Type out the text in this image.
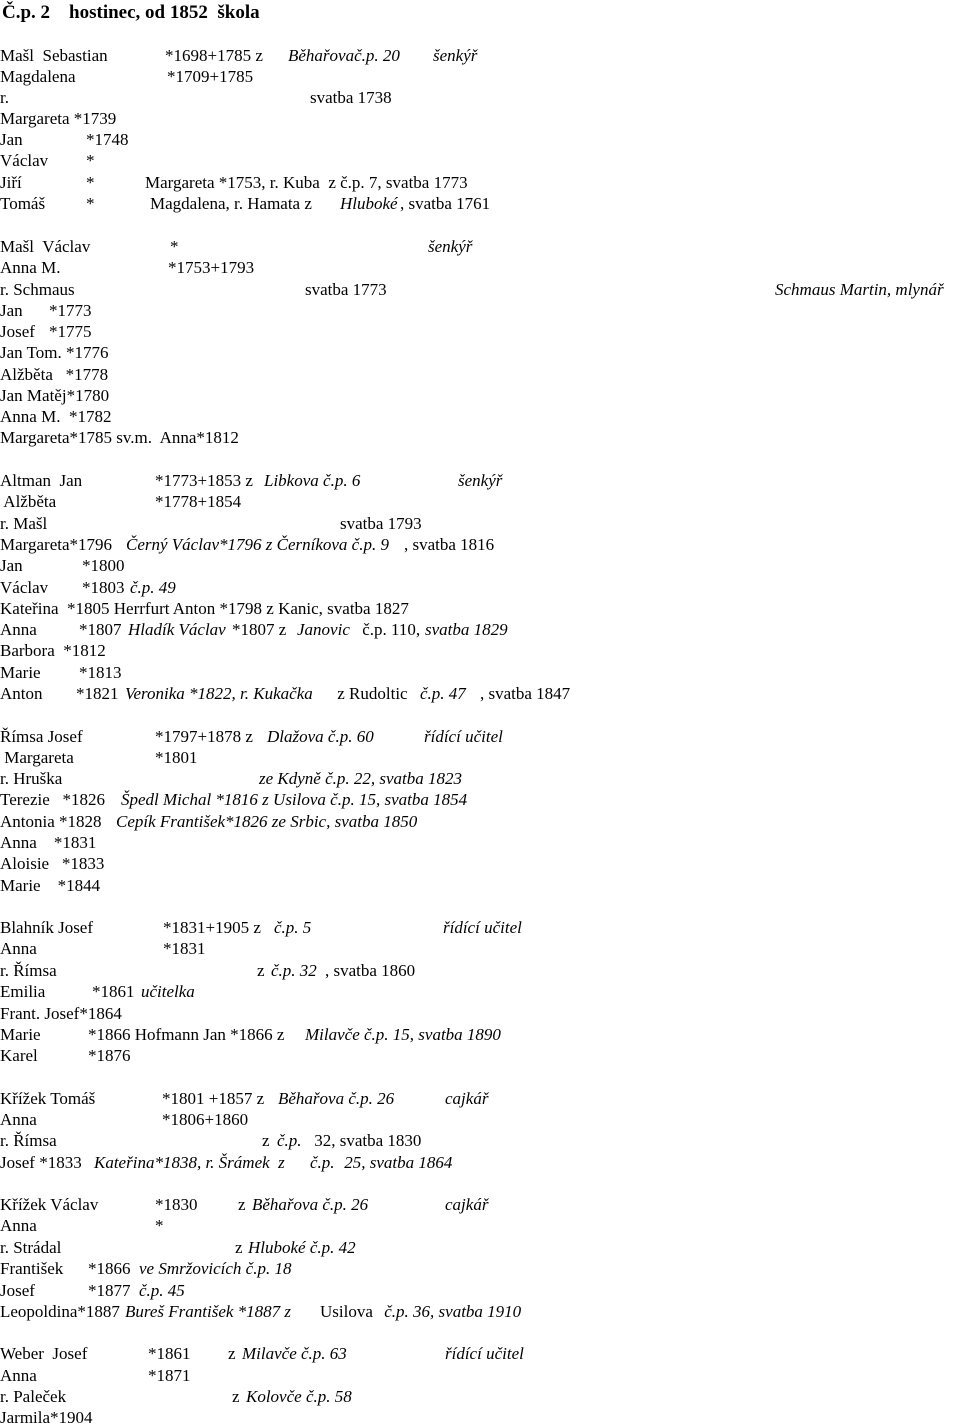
Č.p. 2    hostinec, od 1852  škola
Mašl  Sebastian	*1698+1785 z Běhařovač.p. 20 šenkýř
Magdalena	*1709+1785
r.	svatba 1738
Margareta *1739
Jan	*1748
Václav *
Jiří	*	Margareta *1753, r. Kuba  z č.p. 7, svatba 1773
Tomáš *	Magdalena, r. Hamata z Hluboké , svatba 1761
Mašl  Václav	*	šenkýř
Anna M.	*1753+1793
r. Schmaus	svatba 1773	Schmaus Martin, mlynář
Jan *1773
Josef *1775
Jan Tom. *1776
Alžběta   *1778
Jan Matěj*1780
Anna M.  *1782
Margareta*1785 sv.m.  Anna*1812
Altman  Jan	*1773+1853 z Libkova č.p. 6	šenkýř
Alžběta	*1778+1854
r. Mašl	svatba 1793
Margareta*1796 Černý Václav*1796 z Černíkova č.p. 9 , svatba 1816
Jan	*1800
Václav *1803 č.p. 49
Kateřina  *1805 Herrfurt Anton *1798 z Kanic, svatba 1827
Anna *1807 Hladík Václav *1807 z Janovic č.p. 110, svatba 1829
Barbora  *1812
Marie *1813
Anton *1821 Veronika *1822, r. Kukačka z Rudoltic č.p. 47 , svatba 1847
Římsa Josef	*1797+1878 z Dlažova č.p. 60	řídící učitel
Margareta	*1801
r. Hruška	ze Kdyně č.p. 22, svatba 1823
Terezie   *1826 Špedl Michal *1816 z Usilova č.p. 15, svatba 1854
Antonia *1828 Cepík František*1826 ze Srbic, svatba 1850
Anna    *1831
Aloisie   *1833
Marie    *1844
Blahník Josef	*1831+1905 z č.p. 5	řídící učitel
Anna	*1831
r. Římsa	z č.p. 32 , svatba 1860
Emilia	*1861 učitelka
Frant. Josef*1864
Marie	*1866 Hofmann Jan *1866 z Milavče č.p. 15, svatba 1890
Karel	*1876
Křížek Tomáš	*1801 +1857 z Běhařova č.p. 26	cajkář
Anna	*1806+1860
r. Římsa	z č.p. 32, svatba 1830
Josef *1833 Kateřina*1838, r. Šrámek  z č.p. 25, svatba 1864
Křížek Václav	*1830 z Běhařova č.p. 26	cajkář
Anna	*
r. Strádal	z Hluboké č.p. 42
František *1866 ve Smržovicích č.p. 18
Josef	*1877 č.p. 45
Leopoldina*1887 Bureš František *1887 z Usilova č.p. 36, svatba 1910
Weber  Josef	*1861 z Milavče č.p. 63	řídící učitel
Anna	*1871
r. Paleček	z Kolovče č.p. 58
Jarmila*1904
